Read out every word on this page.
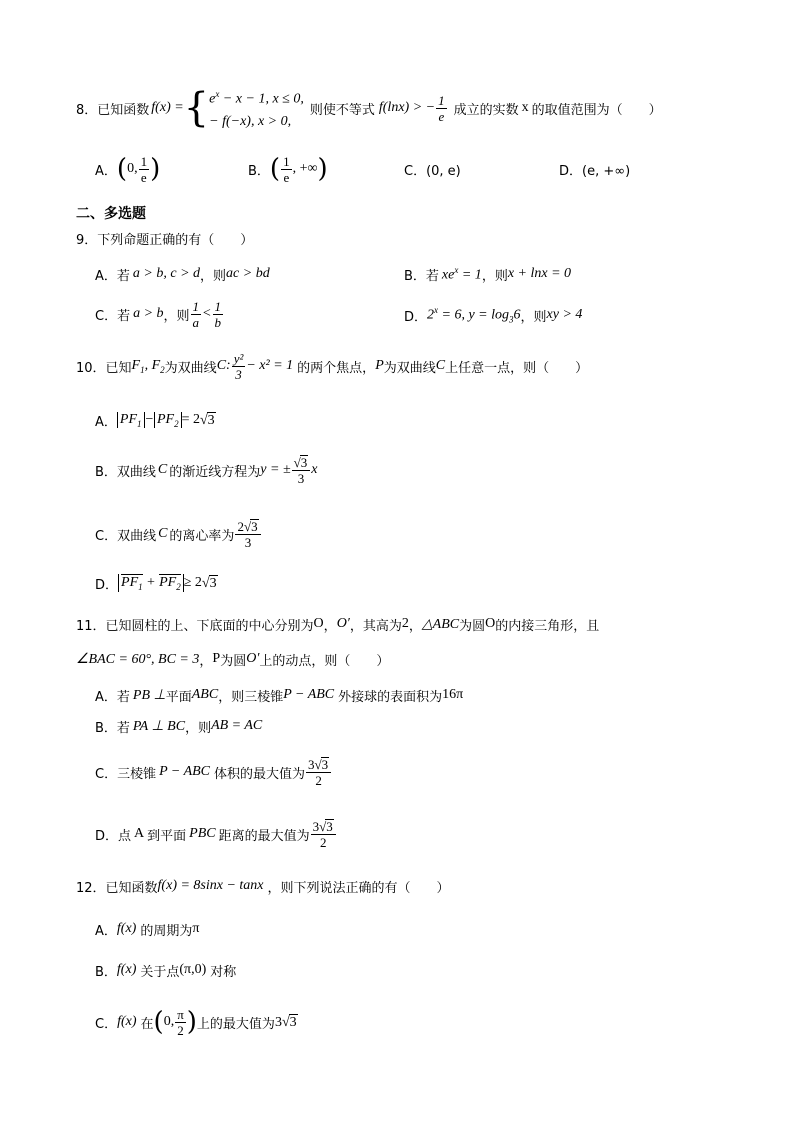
8． 已知函数 f(x) = { $e^x - x - 1$, x ≤ 0,
− f(−x), x > 0,
则使不等式 f(lnx) > − $\frac{1}{e}$ 成立的实数 x 的取值范围为（　　）
A． ( 0, $\frac{1}{e}$ )	B． ( $\frac{1}{e}$ , +∞ )	C．(0, e)	D．(e, +∞)
二、多选题
9．下列命题正确的有（　　）
A．若 a > b, c > d ，则 ac > bd	B．若 $xe^x = 1$ ，则 x + lnx = 0
C．若 a > b ，则 $\frac{1}{a} < \frac{1}{b}$	D． $2^x = 6$, $y = \log_36$ ，则 xy > 4
10．已知 $F_1$, $F_2$ 为双曲线 C: $\frac{\text{y²}}{3} - x^2 = 1$ 的两个焦点， P 为双曲线 C 上任意一点，则（　　）
A． $PF_1 - PF_2 = 2$ √3
B．双曲线 C 的渐近线方程为 y = ± $\frac{√3}{3}$ x
C．双曲线 C 的离心率为 $\frac{2√3}{3}$
D． $PF_1 + PF_2 \ge 2$ √3
11．已知圆柱的上、下底面的中心分别为 O ， O′ ，其高为 2 ， △ABC 为圆 O 的内接三角形，且
∠BAC = 60°, BC = 3 ， P 为圆 O′ 上的动点，则（　　）
A．若 PB ⊥ 平面 ABC ，则三棱锥 P − ABC 外接球的表面积为 16π
B．若 PA ⊥ BC ，则 AB = AC
C．三棱锥 P − ABC 体积的最大值为 $\frac{3√3}{2}$
D．点 A 到平面 PBC 距离的最大值为 $\frac{3√3}{2}$
12．已知函数 f(x) = 8sinx − tanx ，则下列说法正确的有（　　）
A． f(x) 的周期为 π
B． f(x) 关于点 (π,0) 对称
C． f(x) 在 ( 0, $\frac{\pi}{2}$ ) 上的最大值为 3√3
